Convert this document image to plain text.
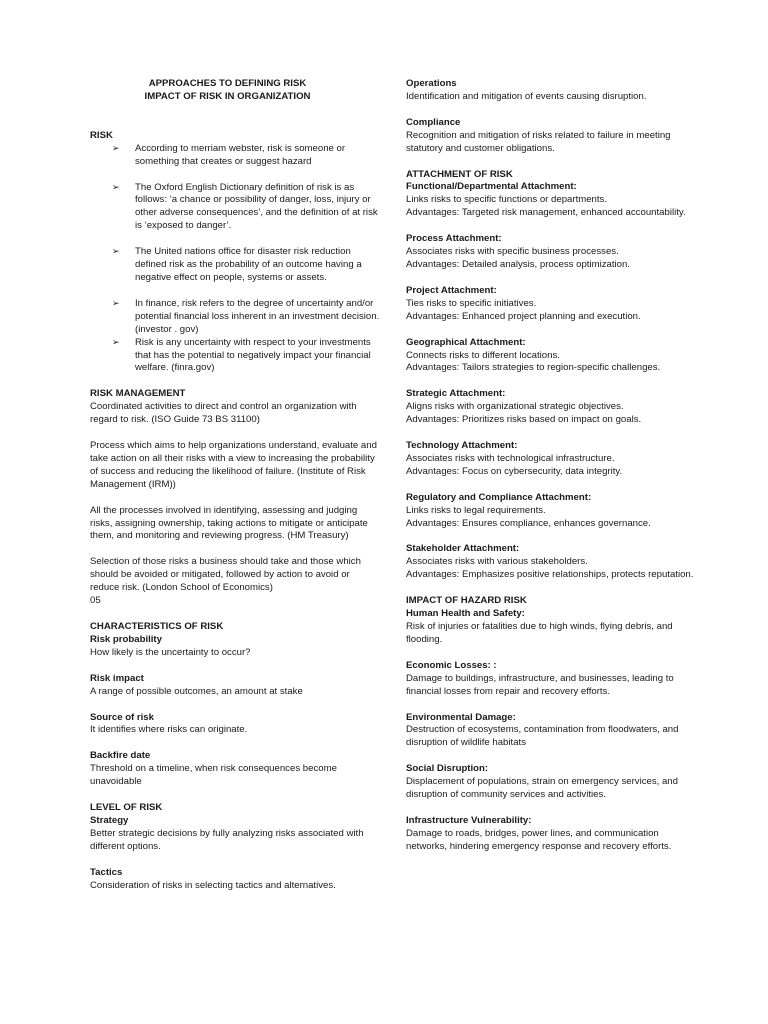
APPROACHES TO DEFINING RISK

IMPACT OF RISK IN ORGANIZATION

RISK

➢ According to merriam webster, risk is someone or something that creates or suggest hazard
➢ The Oxford English Dictionary definition of risk is as follows: ‘a chance or possibility of danger, loss, injury or other adverse consequences’, and the definition of at risk is ‘exposed to danger’.
➢ The United nations office for disaster risk reduction defined risk as the probability of an outcome having a negative effect on people, systems or assets.
➢ In finance, risk refers to the degree of uncertainty and/or potential financial loss inherent in an investment decision. (investor . gov)
➢ Risk is any uncertainty with respect to your investments that has the potential to negatively impact your financial welfare. (finra.gov)

RISK MANAGEMENT

Coordinated activities to direct and control an organization with regard to risk. (ISO Guide 73 BS 31100)

Process which aims to help organizations understand, evaluate and take action on all their risks with a view to increasing the probability of success and reducing the likelihood of failure. (Institute of Risk Management (IRM))

All the processes involved in identifying, assessing and judging risks, assigning ownership, taking actions to mitigate or anticipate them, and monitoring and reviewing progress. (HM Treasury)

Selection of those risks a business should take and those which should be avoided or mitigated, followed by action to avoid or reduce risk. (London School of Economics)

05

CHARACTERISTICS OF RISK

Risk probability

How likely is the uncertainty to occur?

Risk impact

A range of possible outcomes, an amount at stake

Source of risk

It identifies where risks can originate.

Backfire date

Threshold on a timeline, when risk consequences become unavoidable

LEVEL OF RISK

Strategy

Better strategic decisions by fully analyzing risks associated with different options.

Tactics

Consideration of risks in selecting tactics and alternatives.

Operations

Identification and mitigation of events causing disruption.

Compliance

Recognition and mitigation of risks related to failure in meeting statutory and customer obligations.

ATTACHMENT OF RISK

Functional/Departmental Attachment:

Links risks to specific functions or departments.

Advantages: Targeted risk management, enhanced accountability.

Process Attachment:

Associates risks with specific business processes.

Advantages: Detailed analysis, process optimization.

Project Attachment:

Ties risks to specific initiatives.

Advantages: Enhanced project planning and execution.

Geographical Attachment:

Connects risks to different locations.

Advantages: Tailors strategies to region-specific challenges.

Strategic Attachment:

Aligns risks with organizational strategic objectives.

Advantages: Prioritizes risks based on impact on goals.

Technology Attachment:

Associates risks with technological infrastructure.

Advantages: Focus on cybersecurity, data integrity.

Regulatory and Compliance Attachment:

Links risks to legal requirements.

Advantages: Ensures compliance, enhances governance.

Stakeholder Attachment:

Associates risks with various stakeholders.

Advantages: Emphasizes positive relationships, protects reputation.

IMPACT OF HAZARD RISK

Human Health and Safety:

Risk of injuries or fatalities due to high winds, flying debris, and flooding.

Economic Losses: :

Damage to buildings, infrastructure, and businesses, leading to financial losses from repair and recovery efforts.

Environmental Damage:

Destruction of ecosystems, contamination from floodwaters, and disruption of wildlife habitats

Social Disruption:

Displacement of populations, strain on emergency services, and disruption of community services and activities.

Infrastructure Vulnerability:

Damage to roads, bridges, power lines, and communication networks, hindering emergency response and recovery efforts.
